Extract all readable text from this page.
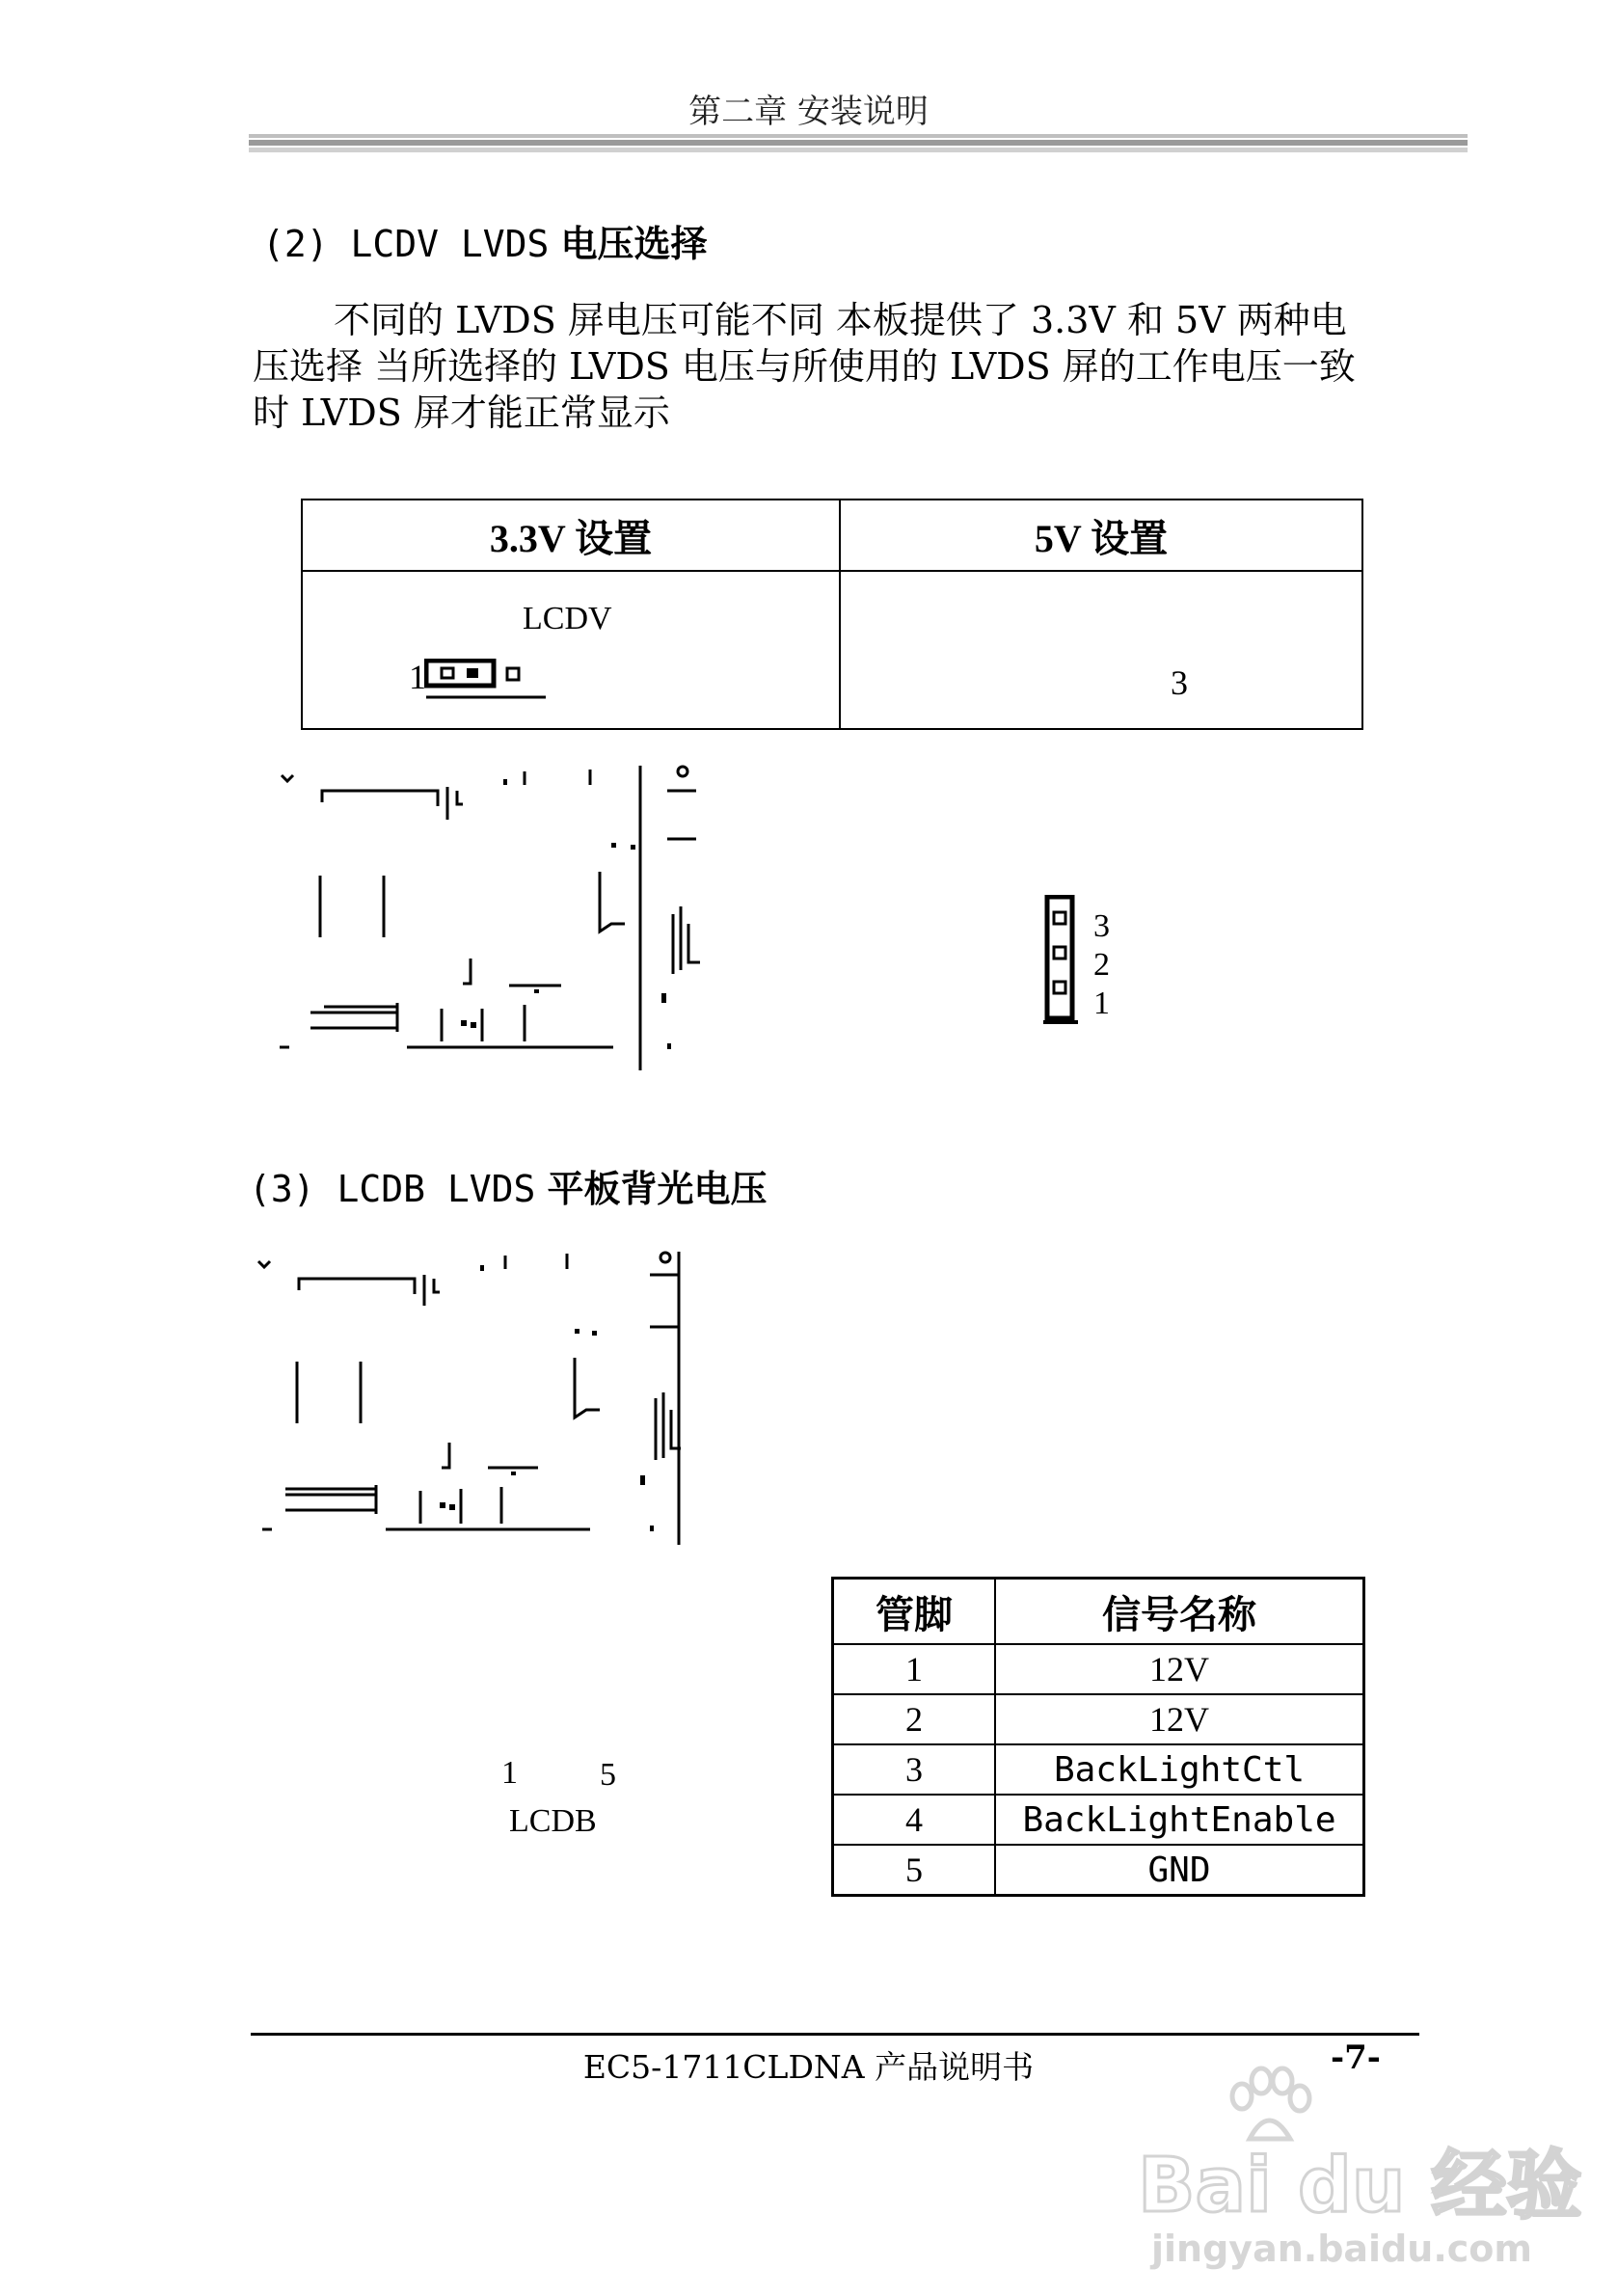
第二章 安装说明
(2) LCDV LVDS 电压选择

不同的 LVDS 屏电压可能不同 本板提供了 3.3V 和 5V 两种电

压选择 当所选择的 LVDS 电压与所使用的 LVDS 屏的工作电压一致

时 LVDS 屏才能正常显示

3.3V 设置	5V 设置

LCDV
1	3
3
2
1
(3) LCDB LVDS 平板背光电压
1	5
LCDB
管脚	信号名称
1	12V
2	12V
3	BackLightCtl
4	BackLightEnable
5	GND
EC5-1711CLDNA 产品说明书	-7-
Bai du 经验
jingyan.baidu.com
